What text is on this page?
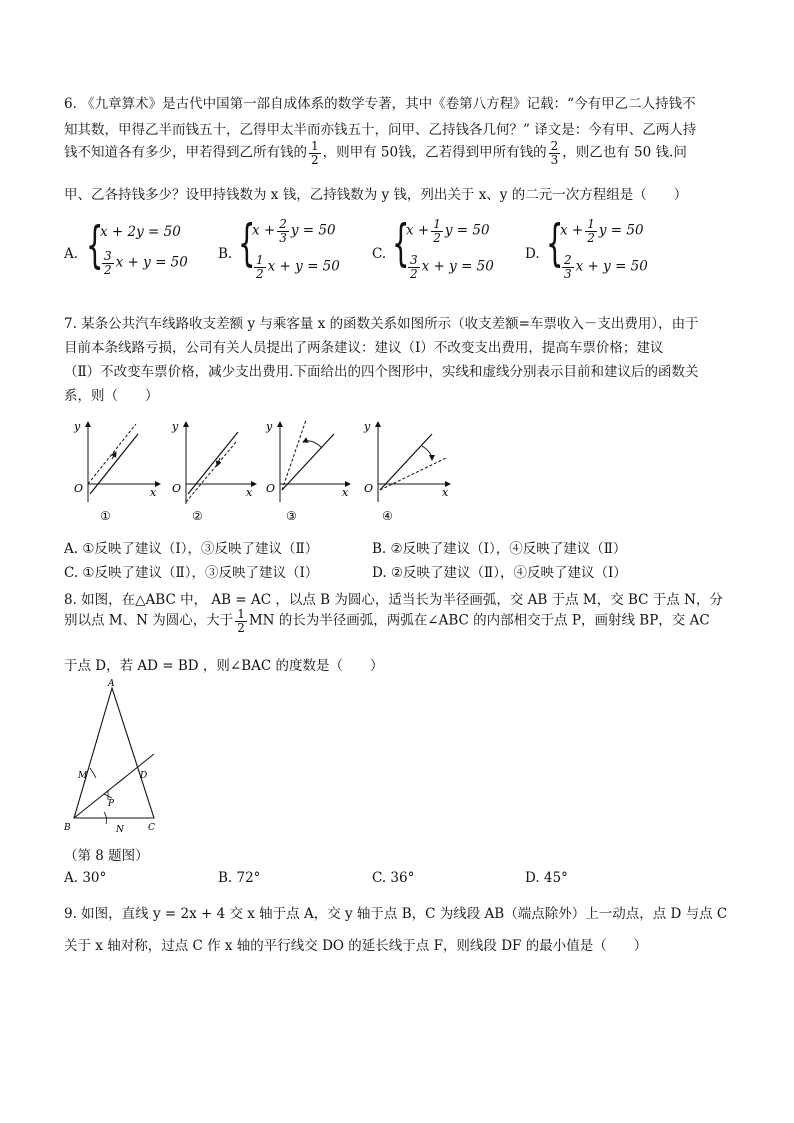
6. 《九章算术》是古代中国第一部自成体系的数学专著，其中《卷第八方程》记载：“今有甲乙二人持钱不
知其数，甲得乙半而钱五十，乙得甲太半而亦钱五十，问甲、乙持钱各几何？” 译文是：今有甲、乙两人持
钱不知道各有多少，甲若得到乙所有钱的 $\frac{1}{2}$ ，则甲有 50钱，乙若得到甲所有钱的 $\frac{2}{3}$ ，则乙也有 50 钱.问
甲、乙各持钱多少？设甲持钱数为 x 钱，乙持钱数为 y 钱，列出关于 x、y 的二元一次方程组是（　　）
A. {
x + 2y = 50
$\frac{3}{2}$ x + y = 50
B. {
$x + \frac{2}{3}$ y = 50
$\frac{1}{2}$ x + y = 50
C. {
$x + \frac{1}{2}$ y = 50
$\frac{3}{2}$ x + y = 50
D. {
$x + \frac{1}{2}$ y = 50
$\frac{2}{3}$ x + y = 50
7. 某条公共汽车线路收支差额 y 与乘客量 x 的函数关系如图所示（收支差额=车票收入－支出费用），由于
目前本条线路亏损，公司有关人员提出了两条建议：建议（Ⅰ）不改变支出费用，提高车票价格；建议
（Ⅱ）不改变车票价格，减少支出费用.下面给出的四个图形中，实线和虚线分别表示目前和建议后的函数关
系，则（　　）
y
x
O
①
y
x
O
②
y
x
O
③
y
x
O
④
A. ①反映了建议（Ⅰ），③反映了建议（Ⅱ）	B. ②反映了建议（Ⅰ），④反映了建议（Ⅱ）
C. ①反映了建议（Ⅱ），③反映了建议（Ⅰ）	D. ②反映了建议（Ⅱ），④反映了建议（Ⅰ）
8. 如图，在△ABC 中， AB = AC ，以点 B 为圆心，适当长为半径画弧，交 AB 于点 M，交 BC 于点 N，分
别以点 M、N 为圆心，大于 $\frac{1}{2}$ MN 的长为半径画弧，两弧在∠ABC 的内部相交于点 P，画射线 BP，交 AC
于点 D，若 AD = BD ，则∠BAC 的度数是（　　）
A
B	C
D
M
N
P
（第 8 题图）
A. 30°	B. 72°	C. 36°	D. 45°
9. 如图，直线 y = 2x + 4 交 x 轴于点 A，交 y 轴于点 B，C 为线段 AB（端点除外）上一动点，点 D 与点 C
关于 x 轴对称，过点 C 作 x 轴的平行线交 DO 的延长线于点 F，则线段 DF 的最小值是（　　）
